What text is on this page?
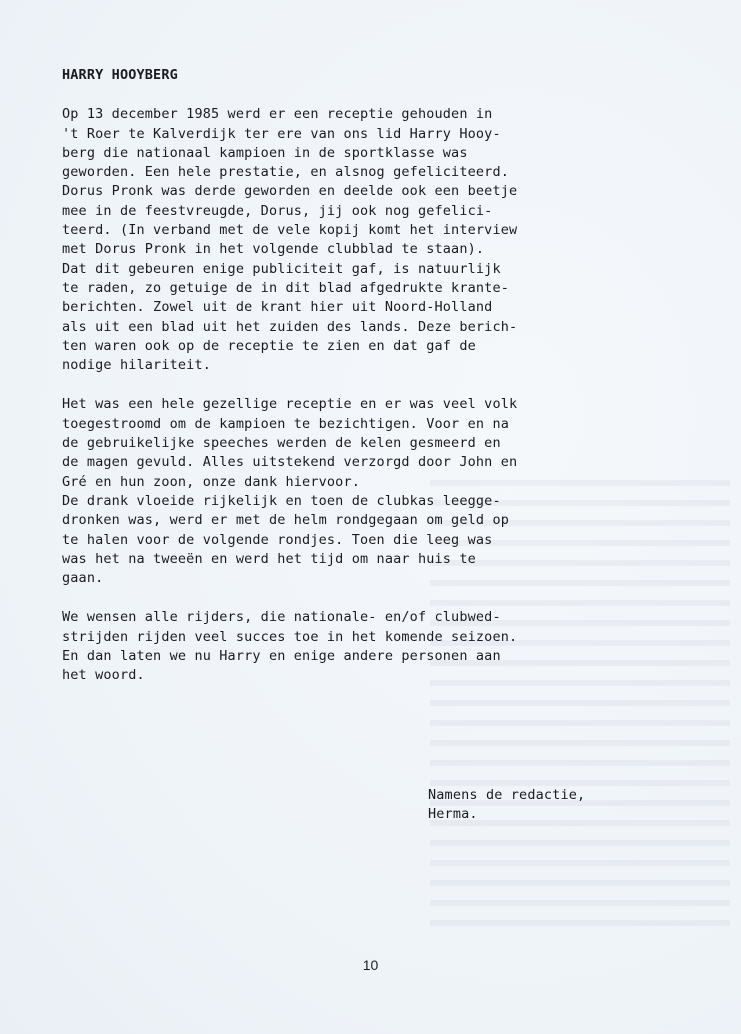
HARRY HOOYBERG
Op 13 december 1985 werd er een receptie gehouden in
't Roer te Kalverdijk ter ere van ons lid Harry Hooy-
berg die nationaal kampioen in de sportklasse was
geworden. Een hele prestatie, en alsnog gefeliciteerd.
Dorus Pronk was derde geworden en deelde ook een beetje
mee in de feestvreugde, Dorus, jij ook nog gefelici-
teerd. (In verband met de vele kopij komt het interview
met Dorus Pronk in het volgende clubblad te staan).
Dat dit gebeuren enige publiciteit gaf, is natuurlijk
te raden, zo getuige de in dit blad afgedrukte krante-
berichten. Zowel uit de krant hier uit Noord-Holland
als uit een blad uit het zuiden des lands. Deze berich-
ten waren ook op de receptie te zien en dat gaf de
nodige hilariteit.
Het was een hele gezellige receptie en er was veel volk
toegestroomd om de kampioen te bezichtigen. Voor en na
de gebruikelijke speeches werden de kelen gesmeerd en
de magen gevuld. Alles uitstekend verzorgd door John en
Gré en hun zoon, onze dank hiervoor.
De drank vloeide rijkelijk en toen de clubkas leegge-
dronken was, werd er met de helm rondgegaan om geld op
te halen voor de volgende rondjes. Toen die leeg was
was het na tweeën en werd het tijd om naar huis te
gaan.
We wensen alle rijders, die nationale- en/of clubwed-
strijden rijden veel succes toe in het komende seizoen.
En dan laten we nu Harry en enige andere personen aan
het woord.
Namens de redactie,
Herma.
10
